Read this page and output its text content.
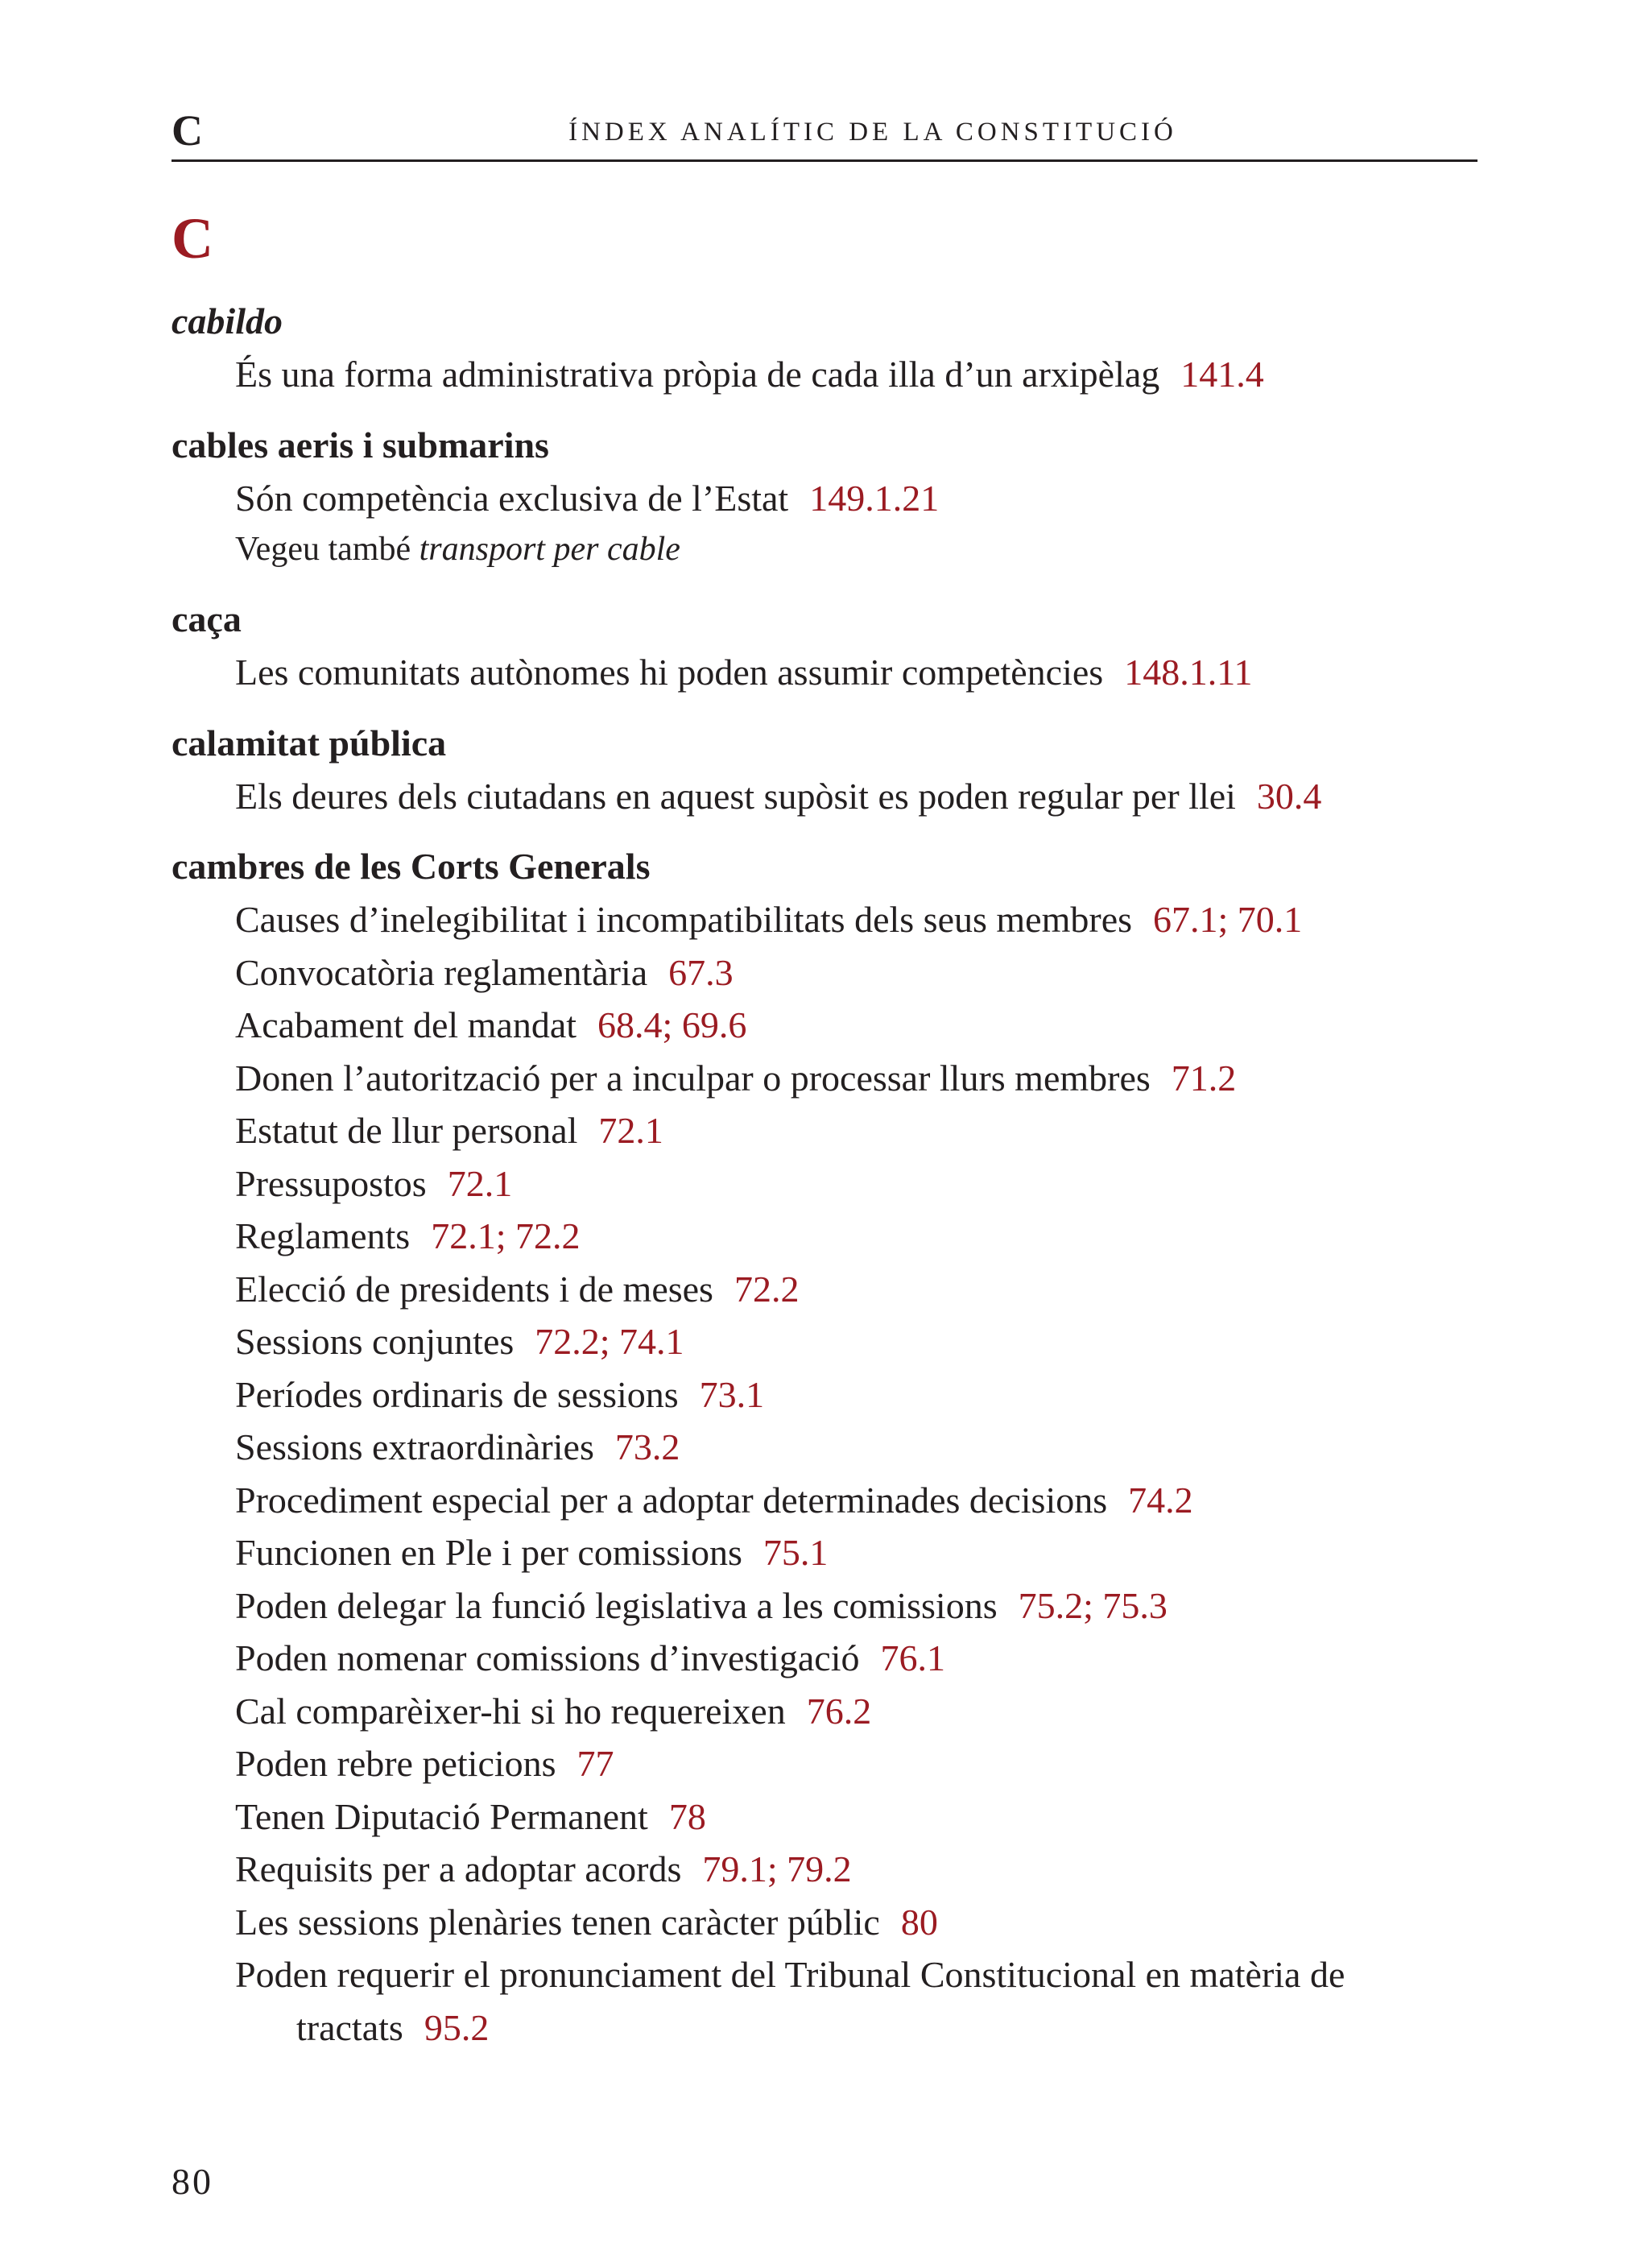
C	ÍNDEX ANALÍTIC DE LA CONSTITUCIÓ
C
cabildo
És una forma administrativa pròpia de cada illa d’un arxipèlag 141.4
cables aeris i submarins
Són competència exclusiva de l’Estat 149.1.21
Vegeu també transport per cable
caça
Les comunitats autònomes hi poden assumir competències 148.1.11
calamitat pública
Els deures dels ciutadans en aquest supòsit es poden regular per llei 30.4
cambres de les Corts Generals
Causes d’inelegibilitat i incompatibilitats dels seus membres 67.1; 70.1
Convocatòria reglamentària 67.3
Acabament del mandat 68.4; 69.6
Donen l’autorització per a inculpar o processar llurs membres 71.2
Estatut de llur personal 72.1
Pressupostos 72.1
Reglaments 72.1; 72.2
Elecció de presidents i de meses 72.2
Sessions conjuntes 72.2; 74.1
Períodes ordinaris de sessions 73.1
Sessions extraordinàries 73.2
Procediment especial per a adoptar determinades decisions 74.2
Funcionen en Ple i per comissions 75.1
Poden delegar la funció legislativa a les comissions 75.2; 75.3
Poden nomenar comissions d’investigació 76.1
Cal comparèixer-hi si ho requereixen 76.2
Poden rebre peticions 77
Tenen Diputació Permanent 78
Requisits per a adoptar acords 79.1; 79.2
Les sessions plenàries tenen caràcter públic 80
Poden requerir el pronunciament del Tribunal Constitucional en matèria de tractats 95.2
80
